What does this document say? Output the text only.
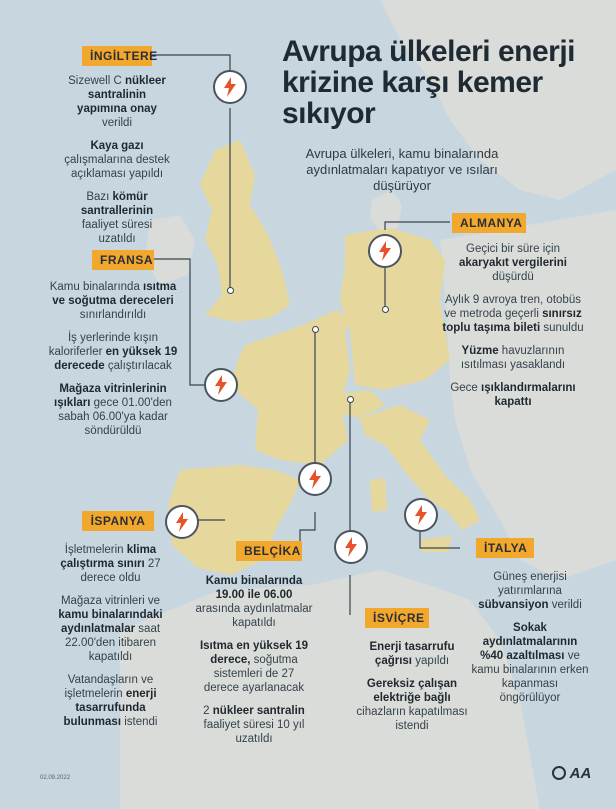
Avrupa ülkeleri enerji krizine karşı kemer sıkıyor
Avrupa ülkeleri, kamu binalarında aydınlatmaları kapatıyor ve ısıları düşürüyor
İNGİLTERE

Sizewell C nükleer santralinin yapımına onay verildi

Kaya gazı çalışmalarına destek açıklaması yapıldı

Bazı kömür santrallerinin faaliyet süresi uzatıldı

FRANSA

Kamu binalarında ısıtma ve soğutma dereceleri sınırlandırıldı

İş yerlerinde kışın kaloriferler en yüksek 19 derecede çalıştırılacak

Mağaza vitrinlerinin ışıkları gece 01.00'den sabah 06.00'ya kadar söndürüldü

İSPANYA

İşletmelerin klima çalıştırma sınırı 27 derece oldu

Mağaza vitrinleri ve kamu binalarındaki aydınlatmalar saat 22.00'den itibaren kapatıldı

Vatandaşların ve işletmelerin enerji tasarrufunda bulunması istendi

BELÇİKA

Kamu binalarında 19.00 ile 06.00 arasında aydınlatmalar kapatıldı

Isıtma en yüksek 19 derece, soğutma sistemleri de 27 derece ayarlanacak

2 nükleer santralin faaliyet süresi 10 yıl uzatıldı

İSVİÇRE

Enerji tasarrufu çağrısı yapıldı

Gereksiz çalışan elektriğe bağlı cihazların kapatılması istendi

ALMANYA

Geçici bir süre için akaryakıt vergilerini düşürdü

Aylık 9 avroya tren, otobüs ve metroda geçerli sınırsız toplu taşıma bileti sunuldu

Yüzme havuzlarının ısıtılması yasaklandı

Gece ışıklandırmalarını kapattı

İTALYA

Güneş enerjisi yatırımlarına sübvansiyon verildi

Sokak aydınlatmalarının %40 azaltılması ve kamu binalarının erken kapanması öngörülüyor

02.09.2022	AA
